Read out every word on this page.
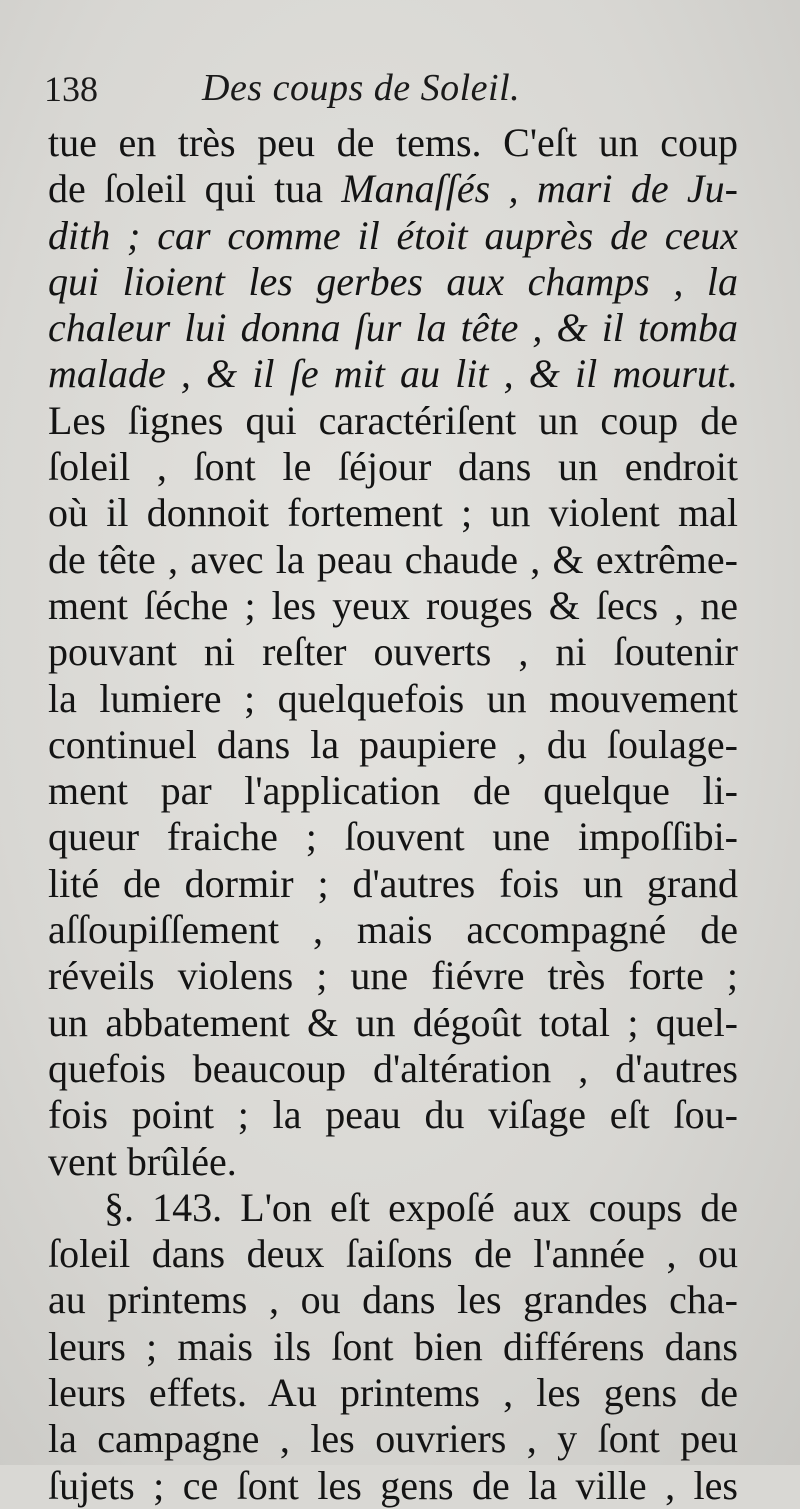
138	Des coups de Soleil.
tue en très peu de tems. C'eſt un coup
de ſoleil qui tua Manaſſés , mari de Ju-
dith ; car comme il étoit auprès de ceux
qui lioient les gerbes aux champs , la
chaleur lui donna ſur la tête , & il tomba
malade , & il ſe mit au lit , & il mourut.
Les ſignes qui caractériſent un coup de
ſoleil , ſont le ſéjour dans un endroit
où il donnoit fortement ; un violent mal
de tête , avec la peau chaude , & extrême-
ment ſéche ; les yeux rouges & ſecs , ne
pouvant ni reſter ouverts , ni ſoutenir
la lumiere ; quelquefois un mouvement
continuel dans la paupiere , du ſoulage-
ment par l'application de quelque li-
queur fraiche ; ſouvent une impoſſibi-
lité de dormir ; d'autres fois un grand
aſſoupiſſement , mais accompagné de
réveils violens ; une fiévre très forte ;
un abbatement & un dégoût total ; quel-
quefois beaucoup d'altération , d'autres
fois point ; la peau du viſage eſt ſou-
vent brûlée.
§. 143. L'on eſt expoſé aux coups de
ſoleil dans deux ſaiſons de l'année , ou
au printems , ou dans les grandes cha-
leurs ; mais ils ſont bien différens dans
leurs effets. Au printems , les gens de
la campagne , les ouvriers , y ſont peu
ſujets ; ce ſont les gens de la ville , les
